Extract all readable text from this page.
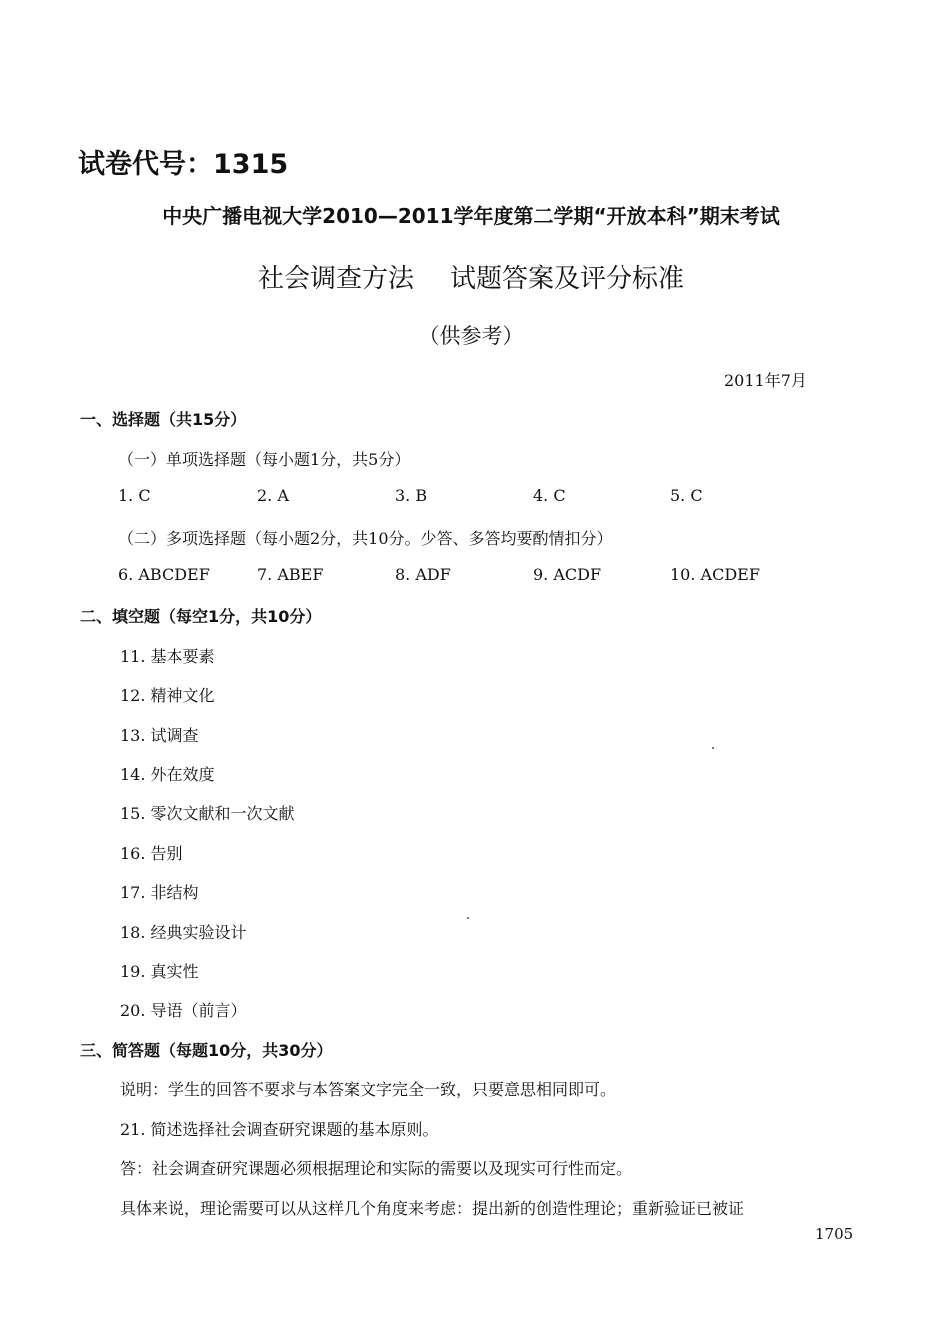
试卷代号：1315
中央广播电视大学2010—2011学年度第二学期“开放本科”期末考试
社会调查方法 试题答案及评分标准
（供参考）
2011年7月
一、选择题（共15分）
（一）单项选择题（每小题1分，共5分）
1. C	2. A	3. B	4. C	5. C
（二）多项选择题（每小题2分，共10分。少答、多答均要酌情扣分）
6. ABCDEF	7. ABEF	8. ADF	9. ACDF	10. ACDEF
二、填空题（每空1分，共10分）
11. 基本要素
12. 精神文化
13. 试调查
14. 外在效度
15. 零次文献和一次文献
16. 告别
17. 非结构
18. 经典实验设计
19. 真实性
20. 导语（前言）
三、简答题（每题10分，共30分）
说明：学生的回答不要求与本答案文字完全一致，只要意思相同即可。
21. 简述选择社会调查研究课题的基本原则。
答：社会调查研究课题必须根据理论和实际的需要以及现实可行性而定。
具体来说，理论需要可以从这样几个角度来考虑：提出新的创造性理论；重新验证已被证
1705
